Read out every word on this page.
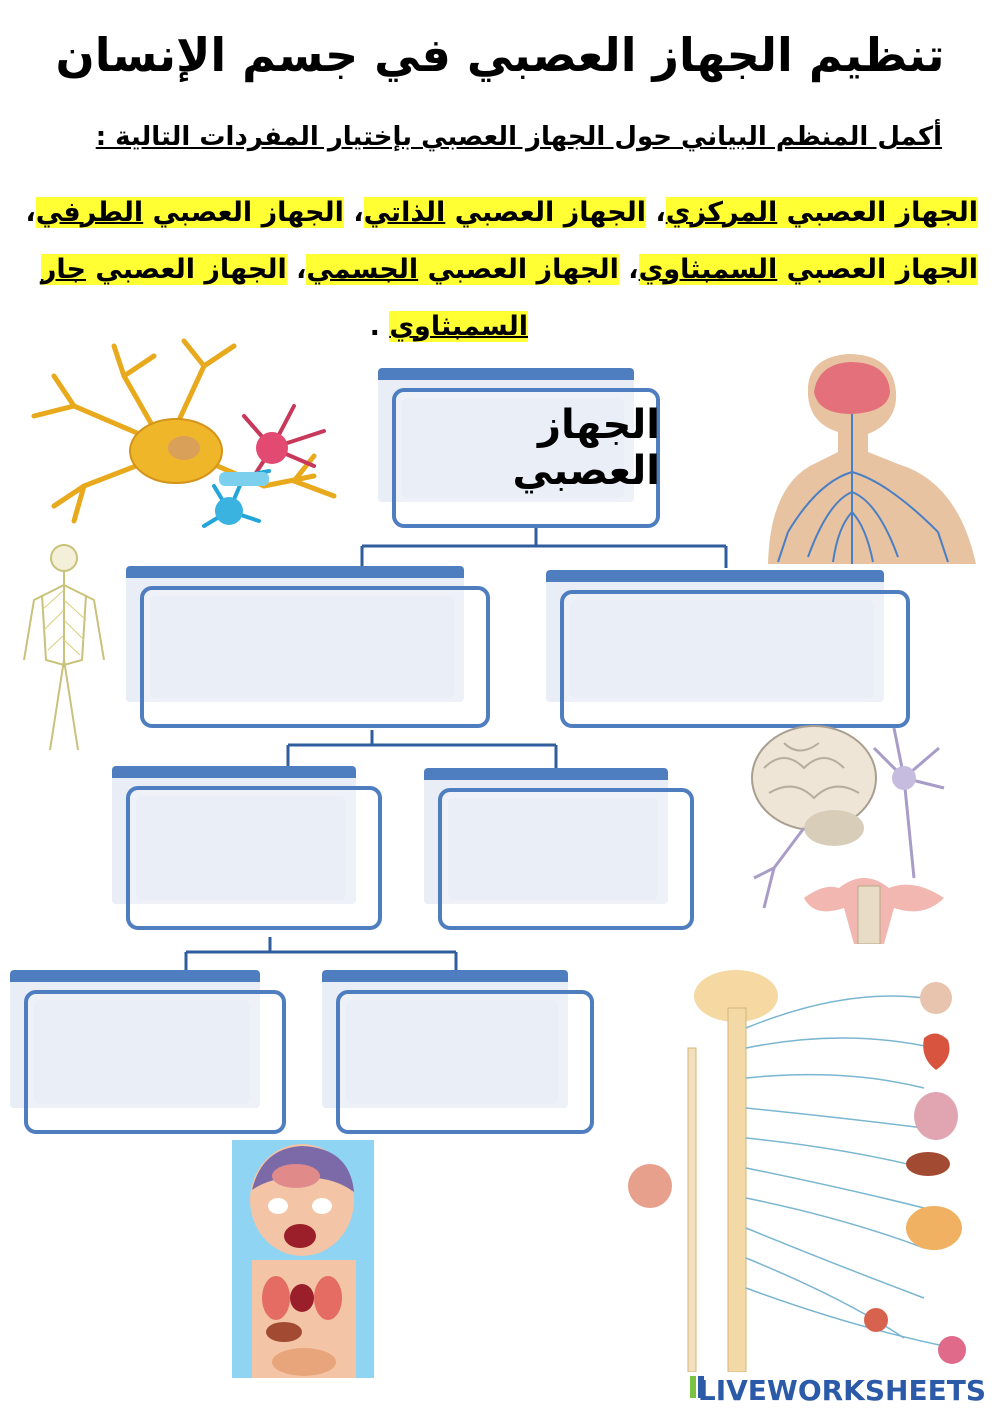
تنظيم الجهاز العصبي في جسم الإنسان
أكمل المنظم البياني حول الجهاز العصبي بإختيار المفردات التالية :
الجهاز العصبي المركزي، الجهاز العصبي الذاتي، الجهاز العصبي الطرفي،
الجهاز العصبي السمبثاوي، الجهاز العصبي الجسمي، الجهاز العصبي جار
السمبثاوي .
الجهاز العصبي
LIVEWORKSHEETS
